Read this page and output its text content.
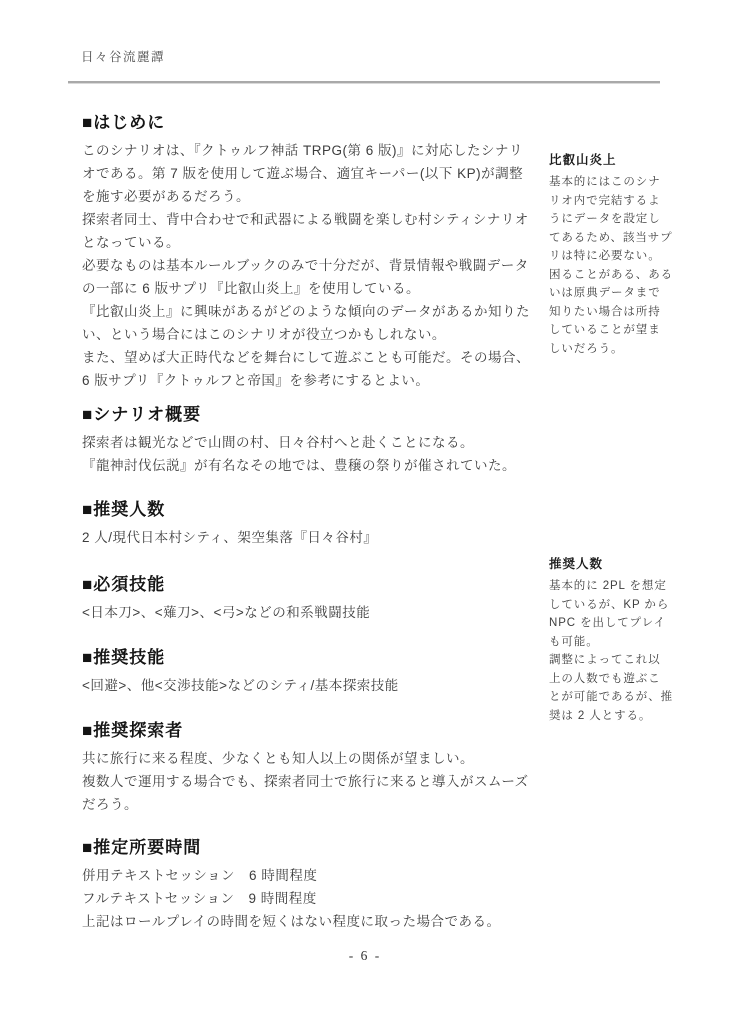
日々谷流麗譚
■はじめに
このシナリオは、『クトゥルフ神話 TRPG(第 6 版)』に対応したシナリ
オである。第 7 版を使用して遊ぶ場合、適宜キーパー(以下 KP)が調整
を施す必要があるだろう。
探索者同士、背中合わせで和武器による戦闘を楽しむ村シティシナリオ
となっている。
必要なものは基本ルールブックのみで十分だが、背景情報や戦闘データ
の一部に 6 版サプリ『比叡山炎上』を使用している。
『比叡山炎上』に興味があるがどのような傾向のデータがあるか知りた
い、という場合にはこのシナリオが役立つかもしれない。
また、望めば大正時代などを舞台にして遊ぶことも可能だ。その場合、
6 版サプリ『クトゥルフと帝国』を参考にするとよい。
■シナリオ概要
探索者は観光などで山間の村、日々谷村へと赴くことになる。
『龍神討伐伝説』が有名なその地では、豊穣の祭りが催されていた。
■推奨人数
2 人/現代日本村シティ、架空集落『日々谷村』
■必須技能
<日本刀>、<薙刀>、<弓>などの和系戦闘技能
■推奨技能
<回避>、他<交渉技能>などのシティ/基本探索技能
■推奨探索者
共に旅行に来る程度、少なくとも知人以上の関係が望ましい。
複数人で運用する場合でも、探索者同士で旅行に来ると導入がスムーズ
だろう。
■推定所要時間
併用テキストセッション　6 時間程度
フルテキストセッション　9 時間程度
上記はロールプレイの時間を短くはない程度に取った場合である。
比叡山炎上
基本的にはこのシナ
リオ内で完結するよ
うにデータを設定し
てあるため、該当サプ
リは特に必要ない。
困ることがある、ある
いは原典データまで
知りたい場合は所持
していることが望ま
しいだろう。
推奨人数
基本的に 2PL を想定
しているが、KP から
NPC を出してプレイ
も可能。
調整によってこれ以
上の人数でも遊ぶこ
とが可能であるが、推
奨は 2 人とする。
- 6 -
